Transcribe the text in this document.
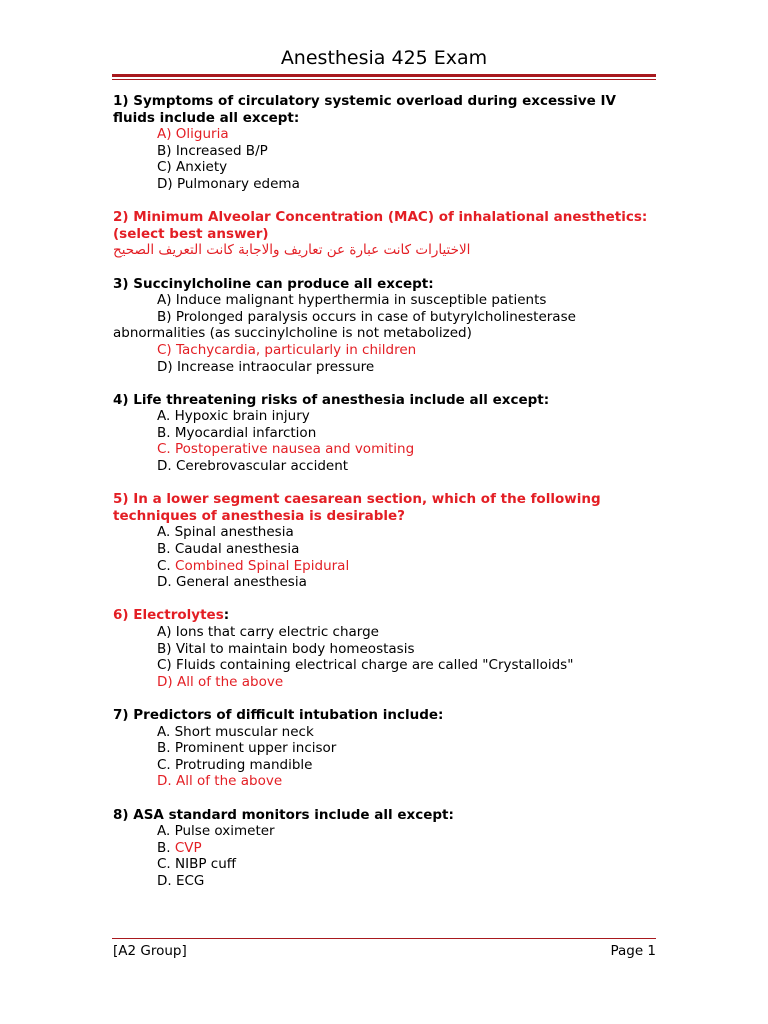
Anesthesia 425 Exam
1) Symptoms of circulatory systemic overload during excessive IV fluids include all except:
A) Oliguria
B) Increased B/P
C) Anxiety
D) Pulmonary edema
2) Minimum Alveolar Concentration (MAC) of inhalational anesthetics: (select best answer)
الاختيارات كانت عبارة عن تعاريف والاجابة كانت التعريف الصحيح
3) Succinylcholine can produce all except:
A) Induce malignant hyperthermia in susceptible patients
B) Prolonged paralysis occurs in case of butyrylcholinesterase
abnormalities (as succinylcholine is not metabolized)
C) Tachycardia, particularly in children
D) Increase intraocular pressure
4) Life threatening risks of anesthesia include all except:
A. Hypoxic brain injury
B. Myocardial infarction
C. Postoperative nausea and vomiting
D. Cerebrovascular accident
5) In a lower segment caesarean section, which of the following techniques of anesthesia is desirable?
A. Spinal anesthesia
B. Caudal anesthesia
C. Combined Spinal Epidural
D. General anesthesia
6) Electrolytes:
A) Ions that carry electric charge
B) Vital to maintain body homeostasis
C) Fluids containing electrical charge are called "Crystalloids"
D) All of the above
7) Predictors of difficult intubation include:
A. Short muscular neck
B. Prominent upper incisor
C. Protruding mandible
D. All of the above
8) ASA standard monitors include all except:
A. Pulse oximeter
B. CVP
C. NIBP cuff
D. ECG
[A2 Group]	Page 1
